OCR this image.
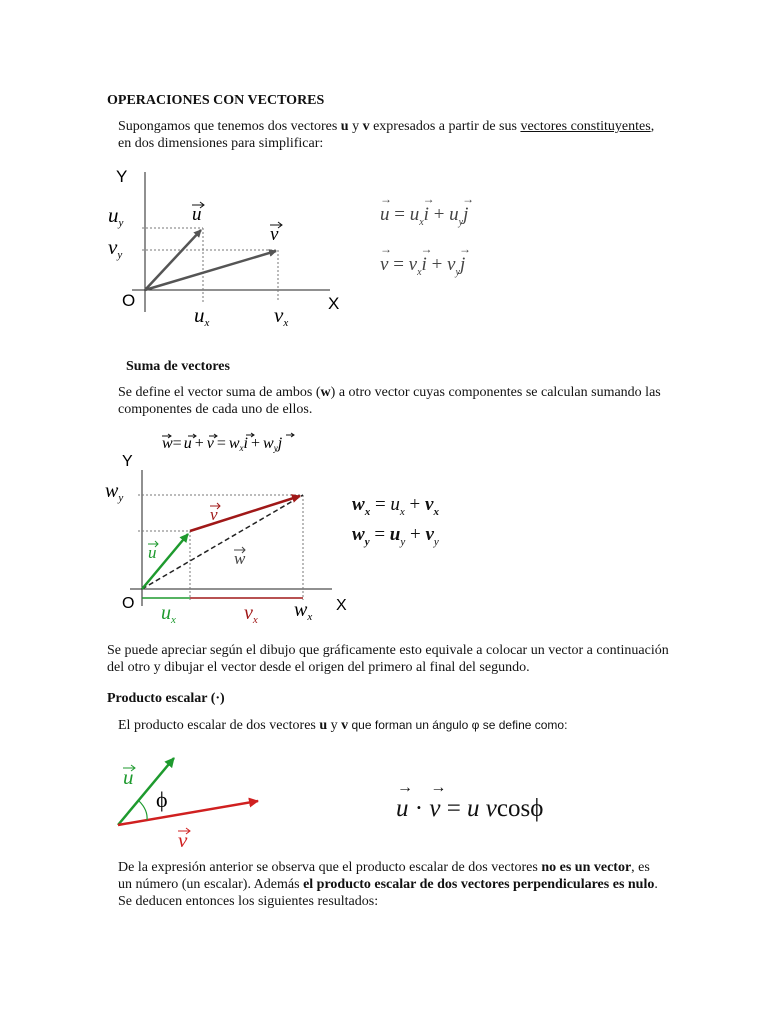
OPERACIONES CON VECTORES
Supongamos que tenemos dos vectores u y v expresados a partir de sus vectores constituyentes,
en dos dimensiones para simplificar:
Y
X
O
uy
vy
ux	vx
u
v
u
→
= $u_xi$
→
+ $u_yj$
→
v
→
= $v_xi$
→
+ $v_yj$
→
Suma de vectores
Se define el vector suma de ambos (w) a otro vector cuyas componentes se calculan sumando las
componentes de cada uno de ellos.
w= u + v = wxi + wyj
Y
X
O
$w_y$
u
v
w
$u_x$	$v_x$ $w_x$
$w_x = u_x + v_x$
$w_y = u_y + v_y$
Se puede apreciar según el dibujo que gráficamente esto equivale a colocar un vector a continuación
del otro y dibujar el vector desde el origen del primero al final del segundo.
Producto escalar (·)
El producto escalar de dos vectores u y v que forman un ángulo φ se define como:
u
v
ϕ	u
→
· v
→
= u vcosϕ
De la expresión anterior se observa que el producto escalar de dos vectores no es un vector, es
un número (un escalar). Además el producto escalar de dos vectores perpendiculares es nulo.
Se deducen entonces los siguientes resultados:
